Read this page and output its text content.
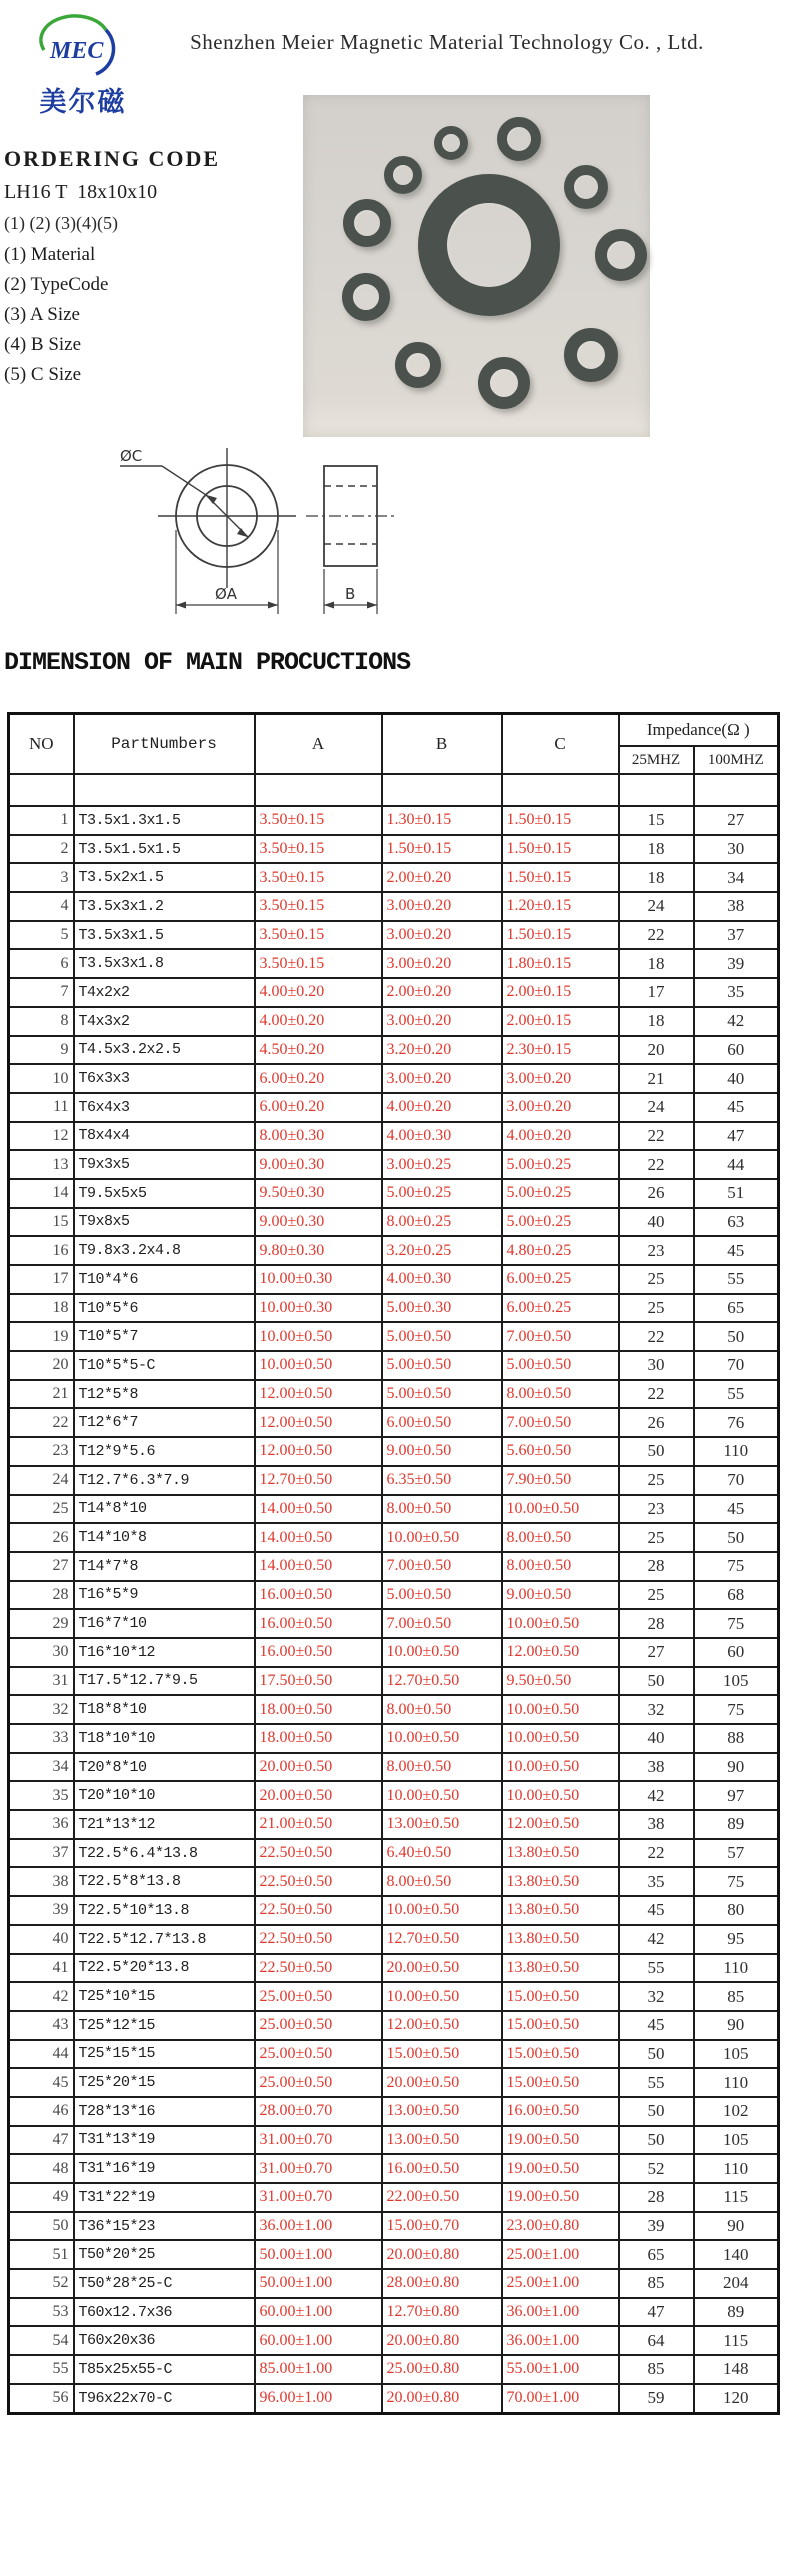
MEC
美尔磁
Shenzhen Meier Magnetic Material Technology Co. , Ltd.
ORDERING CODE
LH16 T  18x10x10
(1) (2) (3)(4)(5)
(1) Material
(2) TypeCode
(3) A Size
(4) B Size
(5) C Size
ØC
ØA	B
DIMENSION OF MAIN PROCUCTIONS
NO	PartNumbers	A	B	C	Impedance(Ω )	
					25MHZ	100MHZ

1	T3.5x1.3x1.5	3.50±0.15	1.30±0.15	1.50±0.15	15	27
2	T3.5x1.5x1.5	3.50±0.15	1.50±0.15	1.50±0.15	18	30
3	T3.5x2x1.5	3.50±0.15	2.00±0.20	1.50±0.15	18	34
4	T3.5x3x1.2	3.50±0.15	3.00±0.20	1.20±0.15	24	38
5	T3.5x3x1.5	3.50±0.15	3.00±0.20	1.50±0.15	22	37
6	T3.5x3x1.8	3.50±0.15	3.00±0.20	1.80±0.15	18	39
7	T4x2x2	4.00±0.20	2.00±0.20	2.00±0.15	17	35
8	T4x3x2	4.00±0.20	3.00±0.20	2.00±0.15	18	42
9	T4.5x3.2x2.5	4.50±0.20	3.20±0.20	2.30±0.15	20	60
10	T6x3x3	6.00±0.20	3.00±0.20	3.00±0.20	21	40
11	T6x4x3	6.00±0.20	4.00±0.20	3.00±0.20	24	45
12	T8x4x4	8.00±0.30	4.00±0.30	4.00±0.20	22	47
13	T9x3x5	9.00±0.30	3.00±0.25	5.00±0.25	22	44
14	T9.5x5x5	9.50±0.30	5.00±0.25	5.00±0.25	26	51
15	T9x8x5	9.00±0.30	8.00±0.25	5.00±0.25	40	63
16	T9.8x3.2x4.8	9.80±0.30	3.20±0.25	4.80±0.25	23	45
17	T10*4*6	10.00±0.30	4.00±0.30	6.00±0.25	25	55
18	T10*5*6	10.00±0.30	5.00±0.30	6.00±0.25	25	65
19	T10*5*7	10.00±0.50	5.00±0.50	7.00±0.50	22	50
20	T10*5*5-C	10.00±0.50	5.00±0.50	5.00±0.50	30	70
21	T12*5*8	12.00±0.50	5.00±0.50	8.00±0.50	22	55
22	T12*6*7	12.00±0.50	6.00±0.50	7.00±0.50	26	76
23	T12*9*5.6	12.00±0.50	9.00±0.50	5.60±0.50	50	110
24	T12.7*6.3*7.9	12.70±0.50	6.35±0.50	7.90±0.50	25	70
25	T14*8*10	14.00±0.50	8.00±0.50	10.00±0.50	23	45
26	T14*10*8	14.00±0.50	10.00±0.50	8.00±0.50	25	50
27	T14*7*8	14.00±0.50	7.00±0.50	8.00±0.50	28	75
28	T16*5*9	16.00±0.50	5.00±0.50	9.00±0.50	25	68
29	T16*7*10	16.00±0.50	7.00±0.50	10.00±0.50	28	75
30	T16*10*12	16.00±0.50	10.00±0.50	12.00±0.50	27	60
31	T17.5*12.7*9.5	17.50±0.50	12.70±0.50	9.50±0.50	50	105
32	T18*8*10	18.00±0.50	8.00±0.50	10.00±0.50	32	75
33	T18*10*10	18.00±0.50	10.00±0.50	10.00±0.50	40	88
34	T20*8*10	20.00±0.50	8.00±0.50	10.00±0.50	38	90
35	T20*10*10	20.00±0.50	10.00±0.50	10.00±0.50	42	97
36	T21*13*12	21.00±0.50	13.00±0.50	12.00±0.50	38	89
37	T22.5*6.4*13.8	22.50±0.50	6.40±0.50	13.80±0.50	22	57
38	T22.5*8*13.8	22.50±0.50	8.00±0.50	13.80±0.50	35	75
39	T22.5*10*13.8	22.50±0.50	10.00±0.50	13.80±0.50	45	80
40	T22.5*12.7*13.8	22.50±0.50	12.70±0.50	13.80±0.50	42	95
41	T22.5*20*13.8	22.50±0.50	20.00±0.50	13.80±0.50	55	110
42	T25*10*15	25.00±0.50	10.00±0.50	15.00±0.50	32	85
43	T25*12*15	25.00±0.50	12.00±0.50	15.00±0.50	45	90
44	T25*15*15	25.00±0.50	15.00±0.50	15.00±0.50	50	105
45	T25*20*15	25.00±0.50	20.00±0.50	15.00±0.50	55	110
46	T28*13*16	28.00±0.70	13.00±0.50	16.00±0.50	50	102
47	T31*13*19	31.00±0.70	13.00±0.50	19.00±0.50	50	105
48	T31*16*19	31.00±0.70	16.00±0.50	19.00±0.50	52	110
49	T31*22*19	31.00±0.70	22.00±0.50	19.00±0.50	28	115
50	T36*15*23	36.00±1.00	15.00±0.70	23.00±0.80	39	90
51	T50*20*25	50.00±1.00	20.00±0.80	25.00±1.00	65	140
52	T50*28*25-C	50.00±1.00	28.00±0.80	25.00±1.00	85	204
53	T60x12.7x36	60.00±1.00	12.70±0.80	36.00±1.00	47	89
54	T60x20x36	60.00±1.00	20.00±0.80	36.00±1.00	64	115
55	T85x25x55-C	85.00±1.00	25.00±0.80	55.00±1.00	85	148
56	T96x22x70-C	96.00±1.00	20.00±0.80	70.00±1.00	59	120
